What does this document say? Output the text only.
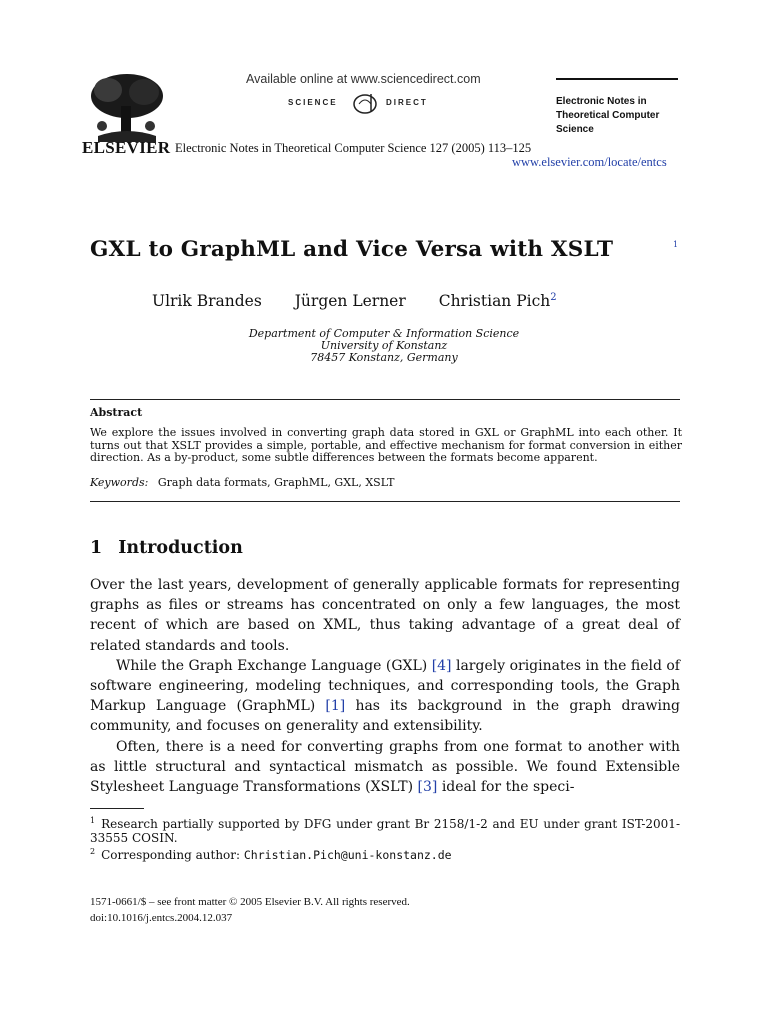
ELSEVIER
Available online at www.sciencedirect.com
SCIENCE	DIRECT
Electronic Notes in Theoretical Computer Science 127 (2005) 113–125
Electronic Notes in Theoretical Computer Science
www.elsevier.com/locate/entcs
GXL to GraphML and Vice Versa with XSLT	1
Ulrik Brandes Jürgen Lerner Christian Pich$^2$
Department of Computer & Information Science
University of Konstanz
78457 Konstanz, Germany
Abstract
We explore the issues involved in converting graph data stored in GXL or GraphML into each other. It turns out that XSLT provides a simple, portable, and effective mechanism for format conversion in either direction. As a by-product, some subtle differences between the formats become apparent.
Keywords: Graph data formats, GraphML, GXL, XSLT
1 Introduction

Over the last years, development of generally applicable formats for representing graphs as files or streams has concentrated on only a few languages, the most recent of which are based on XML, thus taking advantage of a great deal of related standards and tools.

While the Graph Exchange Language (GXL) [4] largely originates in the field of software engineering, modeling techniques, and corresponding tools, the Graph Markup Language (GraphML) [1] has its background in the graph drawing community, and focuses on generality and extensibility.

Often, there is a need for converting graphs from one format to another with as little structural and syntactical mismatch as possible. We found Extensible Stylesheet Language Transformations (XSLT) [3] ideal for the speci-

$^1$ Research partially supported by DFG under grant Br 2158/1-2 and EU under grant IST-2001-33555 COSIN.

$^2$ Corresponding author: Christian.Pich@uni-konstanz.de

1571-0661/$ – see front matter © 2005 Elsevier B.V. All rights reserved.
doi:10.1016/j.entcs.2004.12.037
